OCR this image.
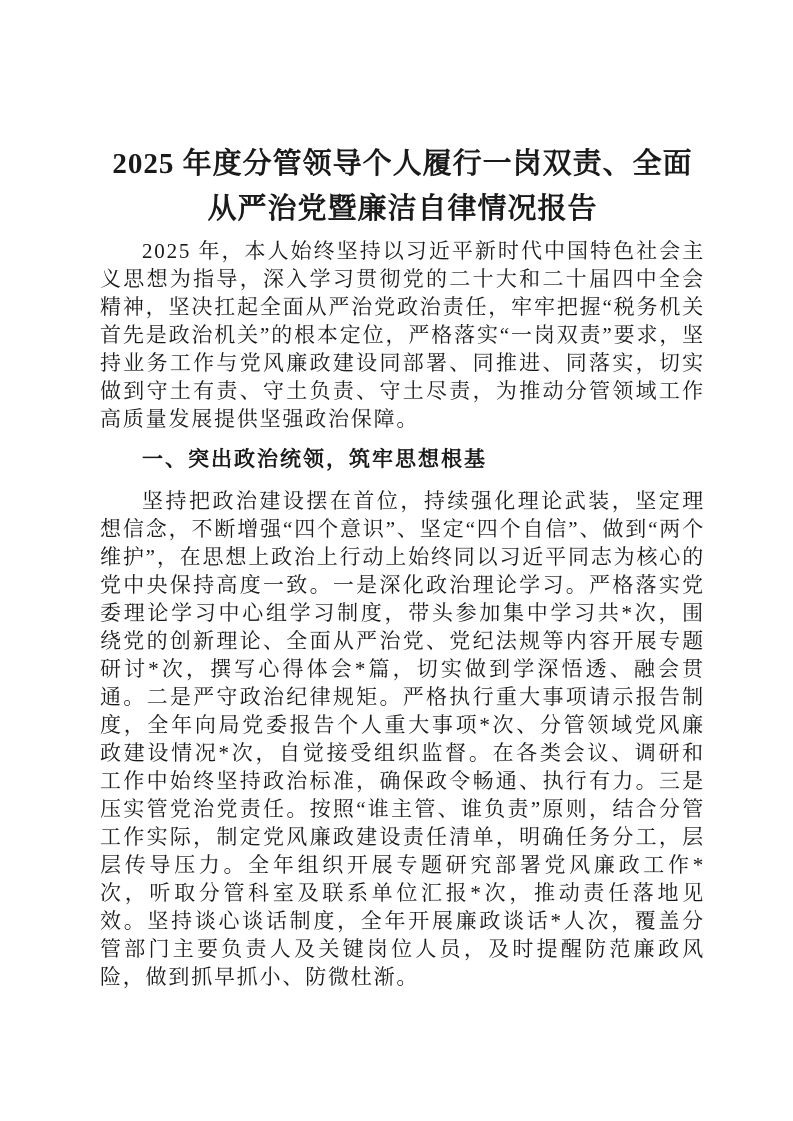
2025 年度分管领导个人履行一岗双责、全面
从严治党暨廉洁自律情况报告

2025 年，本人始终坚持以习近平新时代中国特色社会主义思想为指导，深入学习贯彻党的二十大和二十届四中全会精神，坚决扛起全面从严治党政治责任，牢牢把握“税务机关首先是政治机关”的根本定位，严格落实“一岗双责”要求，坚持业务工作与党风廉政建设同部署、同推进、同落实，切实做到守土有责、守土负责、守土尽责，为推动分管领域工作高质量发展提供坚强政治保障。

一、突出政治统领，筑牢思想根基

坚持把政治建设摆在首位，持续强化理论武装，坚定理想信念，不断增强“四个意识”、坚定“四个自信”、做到“两个维护”，在思想上政治上行动上始终同以习近平同志为核心的党中央保持高度一致。一是深化政治理论学习。严格落实党委理论学习中心组学习制度，带头参加集中学习共*次，围绕党的创新理论、全面从严治党、党纪法规等内容开展专题研讨*次，撰写心得体会*篇，切实做到学深悟透、融会贯通。二是严守政治纪律规矩。严格执行重大事项请示报告制度，全年向局党委报告个人重大事项*次、分管领域党风廉政建设情况*次，自觉接受组织监督。在各类会议、调研和工作中始终坚持政治标准，确保政令畅通、执行有力。三是压实管党治党责任。按照“谁主管、谁负责”原则，结合分管工作实际，制定党风廉政建设责任清单，明确任务分工，层层传导压力。全年组织开展专题研究部署党风廉政工作*次，听取分管科室及联系单位汇报*次，推动责任落地见效。坚持谈心谈话制度，全年开展廉政谈话*人次，覆盖分管部门主要负责人及关键岗位人员，及时提醒防范廉政风险，做到抓早抓小、防微杜渐。
